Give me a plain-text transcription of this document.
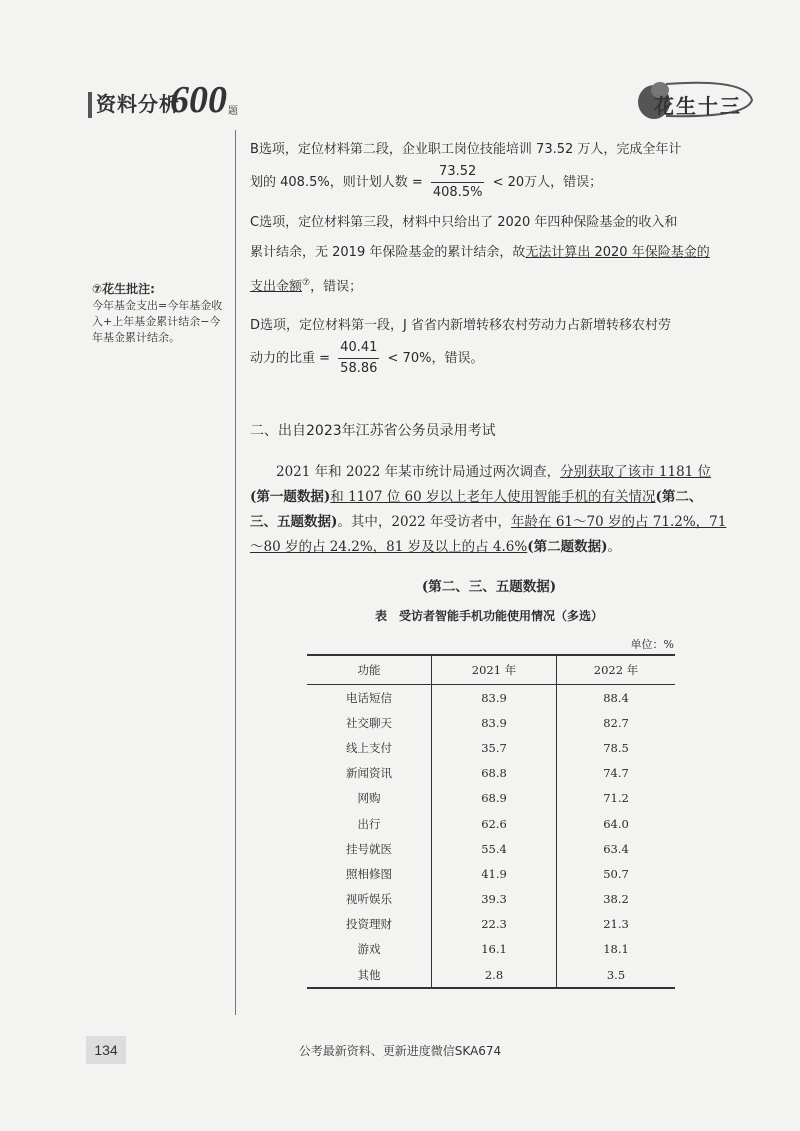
资料分析
600 题	花生十三
⑦花生批注:
今年基金支出=今年基金收入+上年基金累计结余−今年基金累计结余。
B选项，定位材料第二段，企业职工岗位技能培训 73.52 万人，完成全年计
划的 408.5%，则计划人数 = $\frac{73.52}{408.5\%} < 20$万人，错误；
C选项，定位材料第三段，材料中只给出了 2020 年四种保险基金的收入和
累计结余，无 2019 年保险基金的累计结余，故无法计算出 2020 年保险基金的
支出金额⑦，错误；
D选项，定位材料第一段，J 省省内新增转移农村劳动力占新增转移农村劳
动力的比重 = $\frac{40.41}{58.86} < 70\%$，错误。
二、出自2023年江苏省公务员录用考试
2021 年和 2022 年某市统计局通过两次调查，分别获取了该市 1181 位(第一题数据)和 1107 位 60 岁以上老年人使用智能手机的有关情况(第二、三、五题数据)。其中，2022 年受访者中，年龄在 61～70 岁的占 71.2%，71～80 岁的占 24.2%，81 岁及以上的占 4.6%(第二题数据)。
(第二、三、五题数据)
表　受访者智能手机功能使用情况（多选）
单位：%
功能	2021 年	2022 年
电话短信	83.9	88.4
社交聊天	83.9	82.7
线上支付	35.7	78.5
新闻资讯	68.8	74.7
网购	68.9	71.2
出行	62.6	64.0
挂号就医	55.4	63.4
照相修图	41.9	50.7
视听娱乐	39.3	38.2
投资理财	22.3	21.3
游戏	16.1	18.1
其他	2.8	3.5
134	公考最新资料、更新进度微信SKA674
